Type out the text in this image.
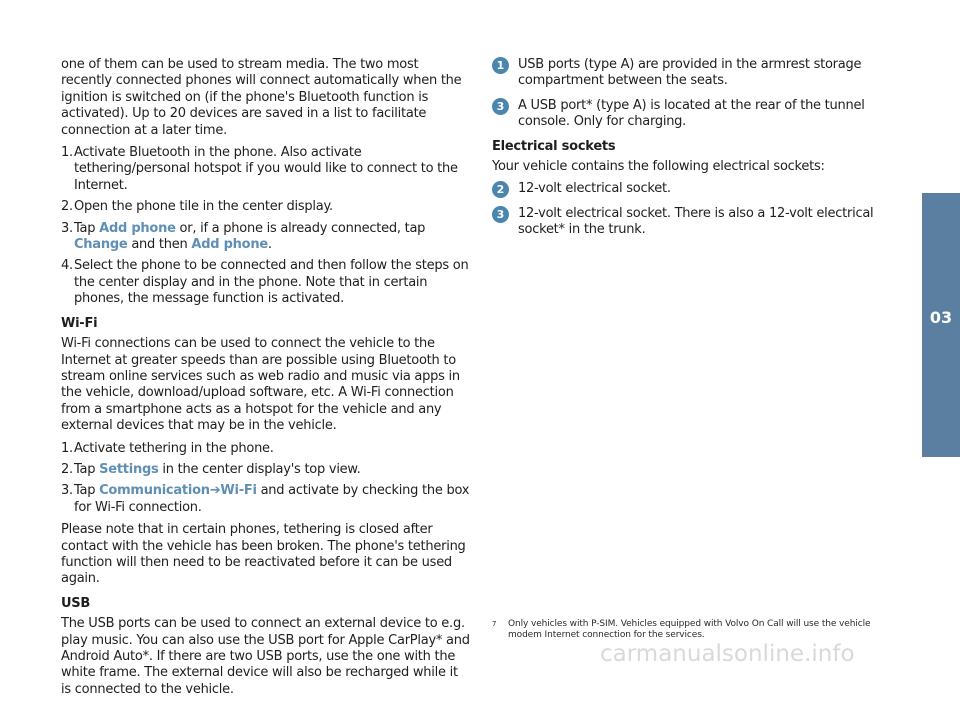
one of them can be used to stream media. The two most recently connected phones will connect automatically when the ignition is switched on (if the phone's Bluetooth function is activated). Up to 20 devices are saved in a list to facilitate connection at a later time.

1. Activate Bluetooth in the phone. Also activate tethering/personal hotspot if you would like to connect to the Internet.
2. Open the phone tile in the center display.
3. Tap Add phone or, if a phone is already connected, tap Change and then Add phone.
4. Select the phone to be connected and then follow the steps on the center display and in the phone. Note that in certain phones, the message function is activated.

Wi-Fi

Wi-Fi connections can be used to connect the vehicle to the Internet at greater speeds than are possible using Bluetooth to stream online services such as web radio and music via apps in the vehicle, download/upload software, etc. A Wi-Fi connection from a smartphone acts as a hotspot for the vehicle and any external devices that may be in the vehicle.

1. Activate tethering in the phone.
2. Tap Settings in the center display's top view.
3. Tap Communication➔Wi-Fi and activate by checking the box for Wi-Fi connection.

Please note that in certain phones, tethering is closed after contact with the vehicle has been broken. The phone's tethering function will then need to be reactivated before it can be used again.

USB

The USB ports can be used to connect an external device to e.g. play music. You can also use the USB port for Apple CarPlay* and Android Auto*. If there are two USB ports, use the one with the white frame. The external device will also be recharged while it is connected to the vehicle.

1	USB ports (type A) are provided in the armrest storage compartment between the seats.
3	A USB port* (type A) is located at the rear of the tunnel console. Only for charging.

Electrical sockets

Your vehicle contains the following electrical sockets:

2	12-volt electrical socket.
3	12-volt electrical socket. There is also a 12-volt electrical socket* in the trunk.
7	Only vehicles with P-SIM. Vehicles equipped with Volvo On Call will use the vehicle modem Internet connection for the services.
03
carmanualsonline.info
